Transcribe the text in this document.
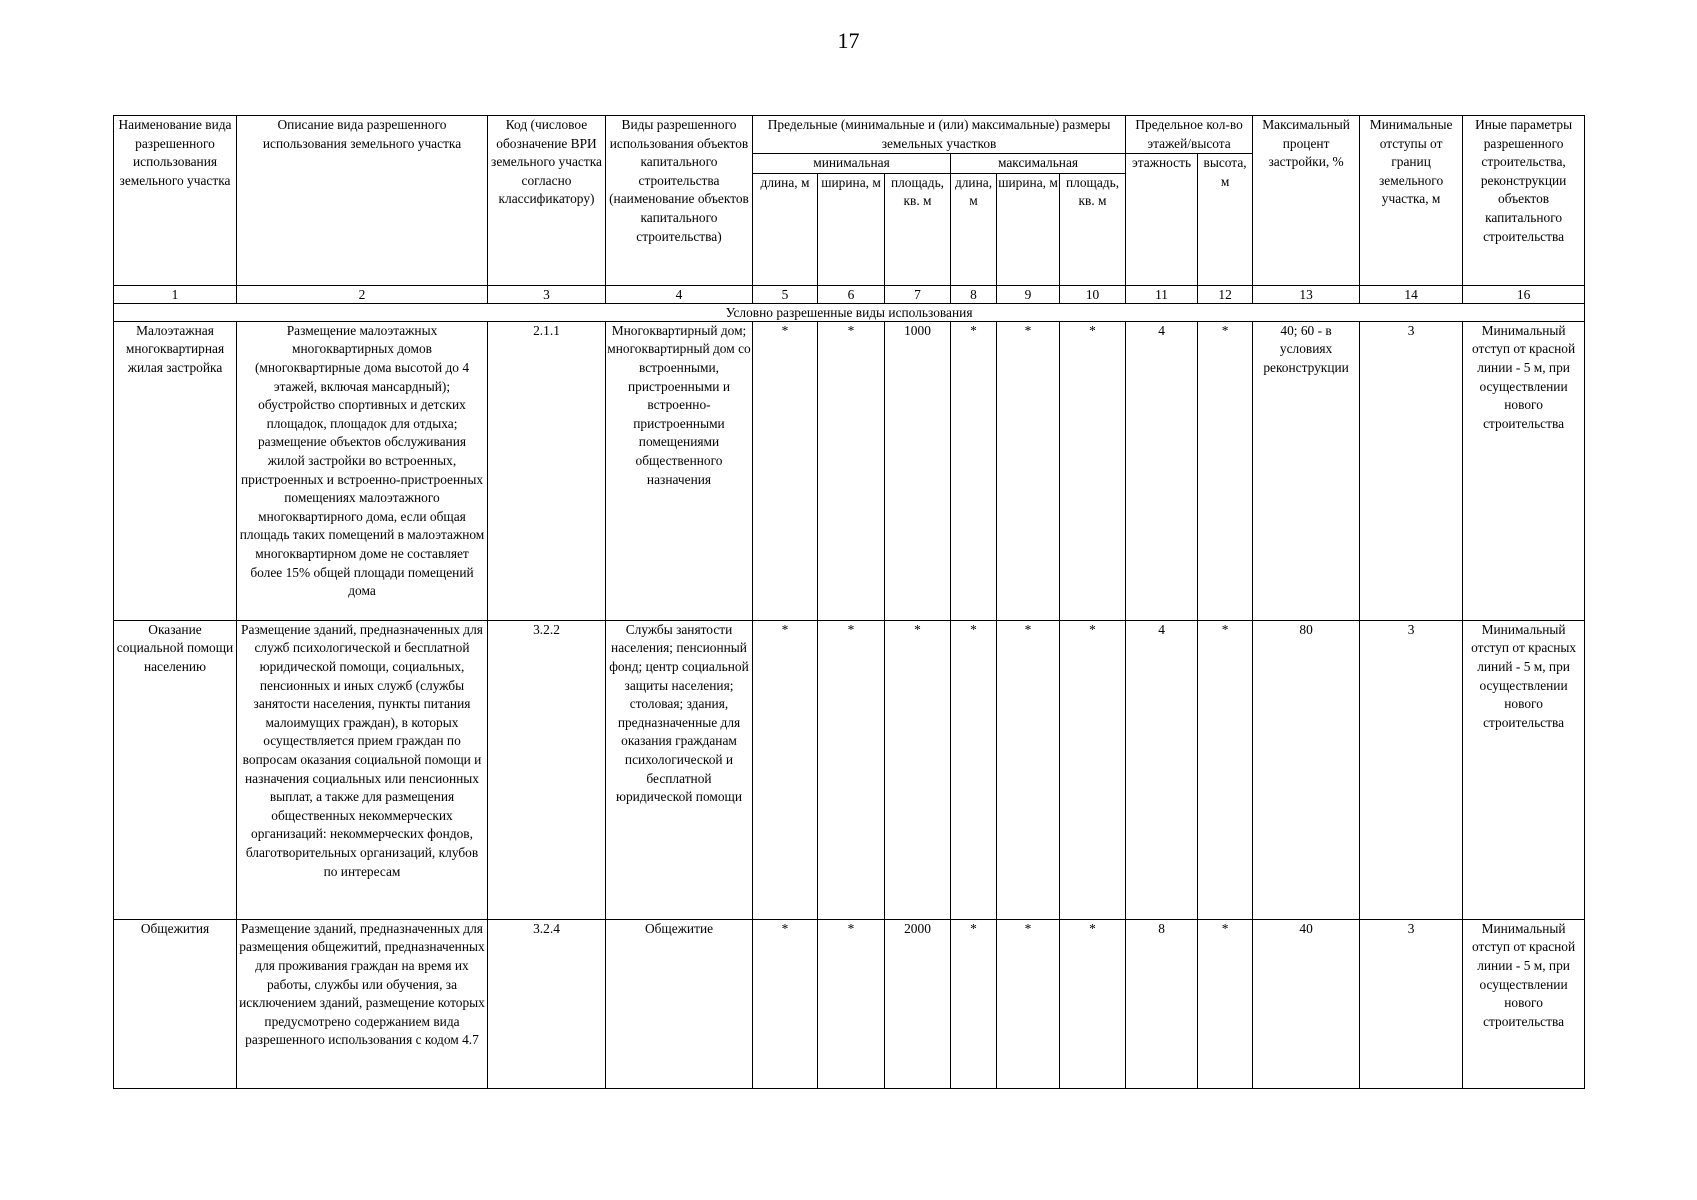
17
Наименование вида разрешенного использования земельного участка	Описание вида разрешенного использования земельного участка	Код (числовое обозначение ВРИ земельного участка согласно классификатору)	Виды разрешенного использования объектов капитального строительства (наименование объектов капитального строительства)	Предельные (минимальные и (или) максимальные) размеры земельных участков						Предельное кол-во этажей/высота		Максимальный процент застройки, %	Минимальные отступы от границ земельного участка, м	Иные параметры разрешенного строительства, реконструкции объектов капитального строительства
				минимальная			максимальная			этажность	высота, м			
				длина, м	ширина, м	площадь, кв. м	длина, м	ширина, м	площадь, кв. м					
1	2	3	4	5	6	7	8	9	10	11	12	13	14	16
Условно разрешенные виды использования														
Малоэтажная многоквартирная жилая застройка	Размещение малоэтажных многоквартирных домов (многоквартирные дома высотой до 4 этажей, включая мансардный); обустройство спортивных и детских площадок, площадок для отдыха; размещение объектов обслуживания жилой застройки во встроенных, пристроенных и встроенно-пристроенных помещениях малоэтажного многоквартирного дома, если общая площадь таких помещений в малоэтажном многоквартирном доме не составляет более 15% общей площади помещений дома	2.1.1	Многоквартирный дом; многоквартирный дом со встроенными, пристроенными и встроенно-пристроенными помещениями общественного назначения	*	*	1000	*	*	*	4	*	40; 60 - в условиях реконструкции	3	Минимальный отступ от красной линии - 5 м, при осуществлении нового строительства
Оказание социальной помощи населению	Размещение зданий, предназначенных для служб психологической и бесплатной юридической помощи, социальных, пенсионных и иных служб (службы занятости населения, пункты питания малоимущих граждан), в которых осуществляется прием граждан по вопросам оказания социальной помощи и назначения социальных или пенсионных выплат, а также для размещения общественных некоммерческих организаций: некоммерческих фондов, благотворительных организаций, клубов по интересам	3.2.2	Службы занятости населения; пенсионный фонд; центр социальной защиты населения; столовая; здания, предназначенные для оказания гражданам психологической и бесплатной юридической помощи	*	*	*	*	*	*	4	*	80	3	Минимальный отступ от красных линий - 5 м, при осуществлении нового строительства
Общежития	Размещение зданий, предназначенных для размещения общежитий, предназначенных для проживания граждан на время их работы, службы или обучения, за исключением зданий, размещение которых предусмотрено содержанием вида разрешенного использования с кодом 4.7	3.2.4	Общежитие	*	*	2000	*	*	*	8	*	40	3	Минимальный отступ от красной линии - 5 м, при осуществлении нового строительства
